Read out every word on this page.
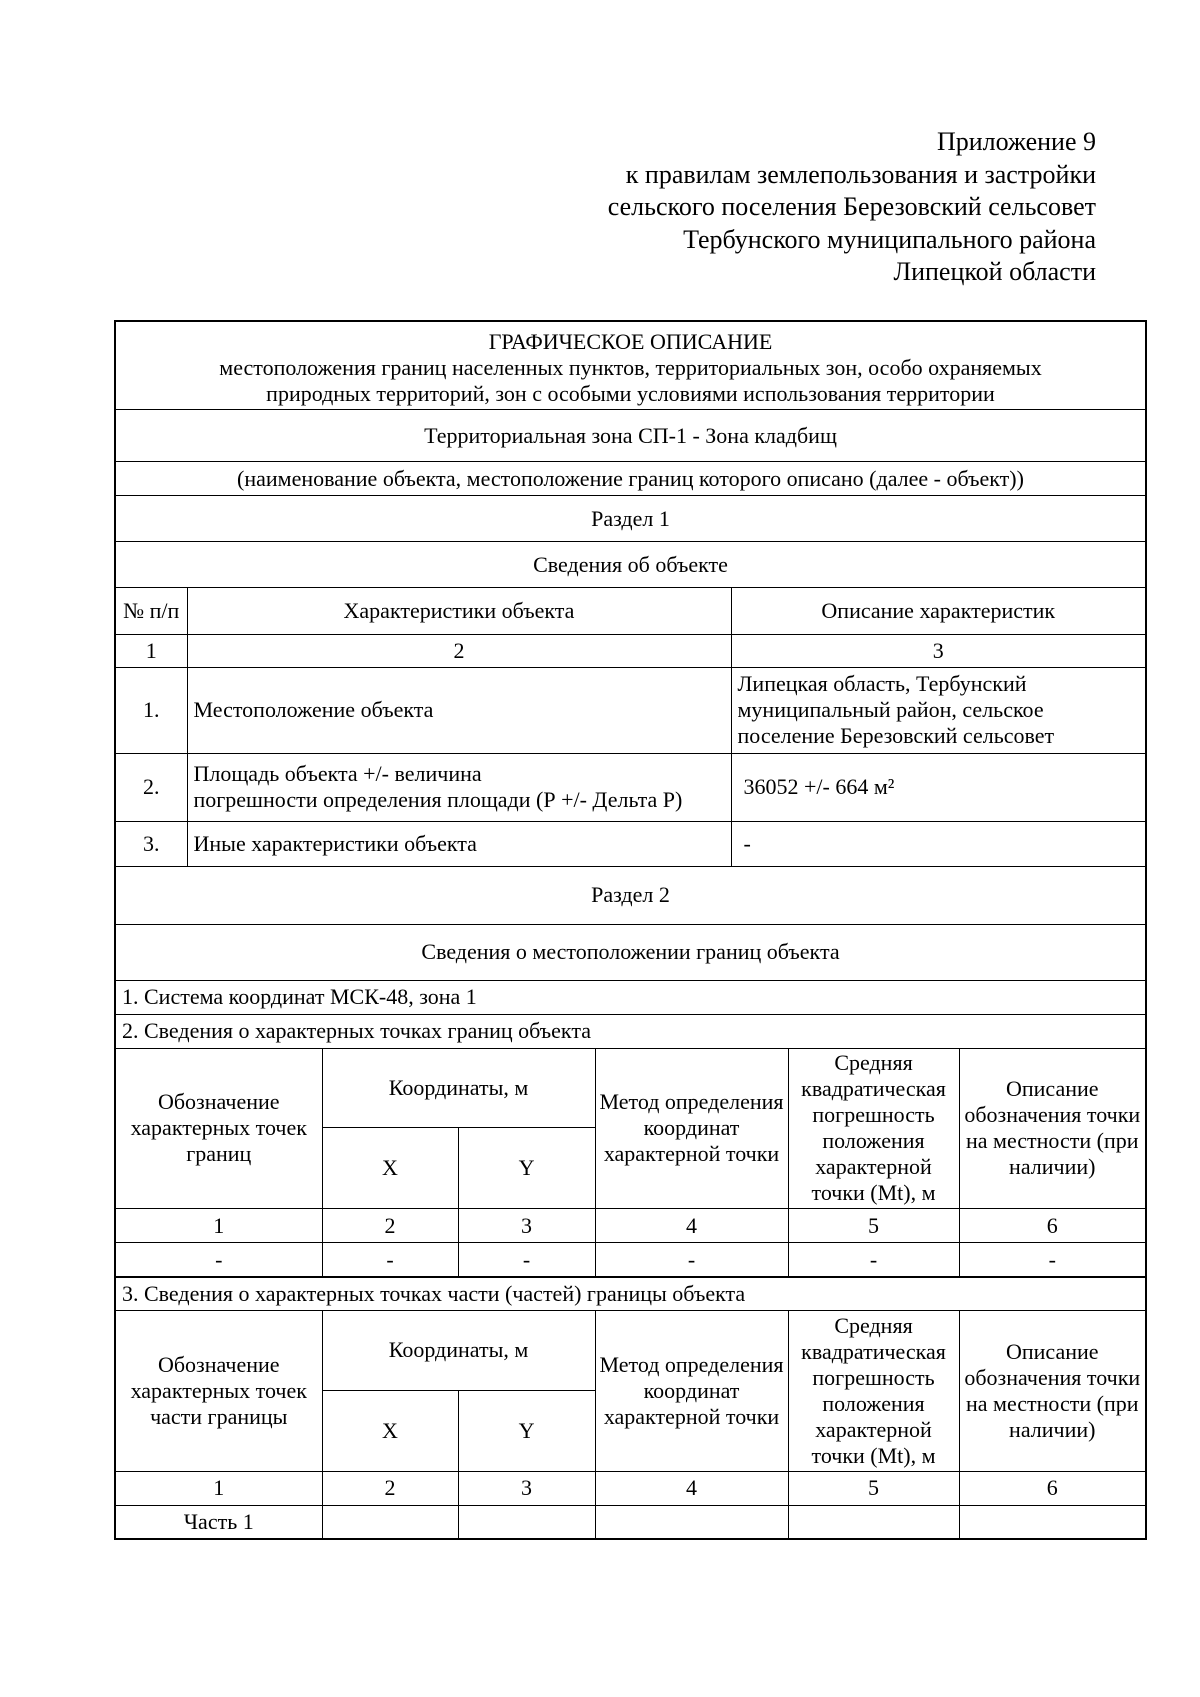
Приложение 9
к правилам землепользования и застройки
сельского поселения Березовский сельсовет
Тербунского муниципального района
Липецкой области
ГРАФИЧЕСКОЕ ОПИСАНИЕ
местоположения границ населенных пунктов, территориальных зон, особо охраняемых
природных территорий, зон с особыми условиями использования территории
Территориальная зона СП-1 - Зона кладбищ
(наименование объекта, местоположение границ которого описано (далее - объект))
Раздел 1
Сведения об объекте
№ п/п	Характеристики объекта	Описание характеристик
1	2	3
1.	Местоположение объекта	Липецкая область, Тербунский
муниципальный район, сельское
поселение Березовский сельсовет

2.	Площадь объекта +/- величина
погрешности определения площади (Р +/- Дельта Р)	36052 +/- 664 м²
3.	Иные характеристики объекта	-
Раздел 2
Сведения о местоположении границ объекта
1. Система координат МСК-48, зона 1
2. Сведения о характерных точках границ объекта
Обозначение характерных точек границ	Координаты, м		Метод определения координат характерной точки	Средняя квадратическая погрешность положения характерной точки (Mt), м	Описание обозначения точки на местности (при наличии)
	X	Y			
1	2	3	4	5	6
-	-	-	-	-	-
3. Сведения о характерных точках части (частей) границы объекта
Обозначение характерных точек части границы	Координаты, м		Метод определения координат характерной точки	Средняя квадратическая погрешность положения характерной точки (Mt), м	Описание обозначения точки на местности (при наличии)
	X	Y			
1	2	3	4	5	6
Часть 1					
